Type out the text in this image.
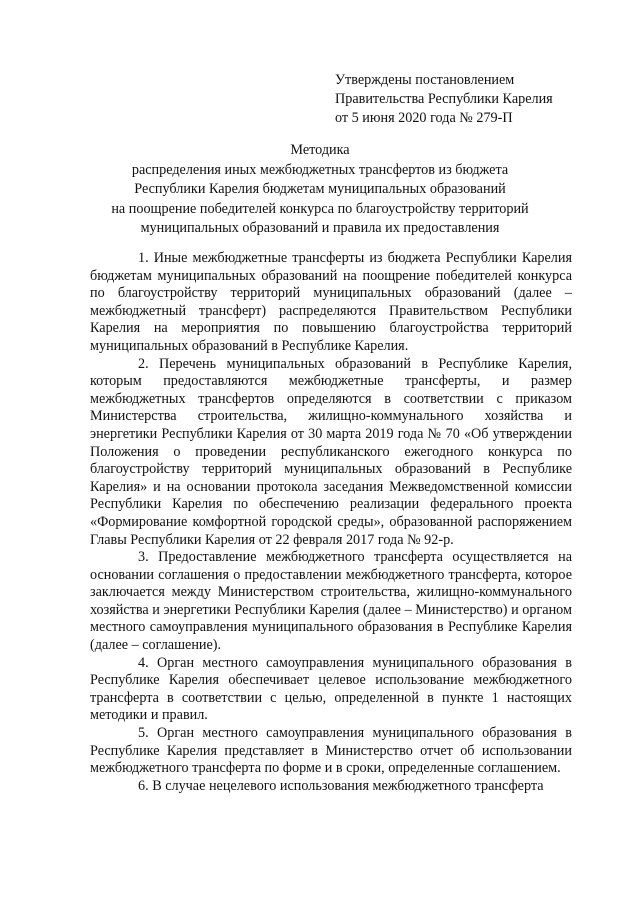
Утверждены постановлением
Правительства Республики Карелия
от 5 июня 2020 года № 279-П
Методика
распределения иных межбюджетных трансфертов из бюджета
Республики Карелия бюджетам муниципальных образований
на поощрение победителей конкурса по благоустройству территорий
муниципальных образований и правила их предоставления

1. Иные межбюджетные трансферты из бюджета Республики Карелия бюджетам муниципальных образований на поощрение победителей конкурса по благоустройству территорий муниципальных образований (далее – межбюджетный трансферт) распределяются Правительством Республики Карелия на мероприятия по повышению благоустройства территорий муниципальных образований в Республике Карелия.

2. Перечень муниципальных образований в Республике Карелия, которым предоставляются межбюджетные трансферты, и размер межбюджетных трансфертов определяются в соответствии с приказом Министерства строительства, жилищно-коммунального хозяйства и энергетики Республики Карелия от 30 марта 2019 года № 70 «Об утверждении Положения о проведении республиканского ежегодного конкурса по благоустройству территорий муниципальных образований в Республике Карелия» и на основании протокола заседания Межведомственной комиссии Республики Карелия по обеспечению реализации федерального проекта «Формирование комфортной городской среды», образованной распоряжением Главы Республики Карелия от 22 февраля 2017 года № 92-р.

3. Предоставление межбюджетного трансферта осуществляется на основании соглашения о предоставлении межбюджетного трансферта, которое заключается между Министерством строительства, жилищно-коммунального хозяйства и энергетики Республики Карелия (далее – Министерство) и органом местного самоуправления муниципального образования в Республике Карелия (далее – соглашение).

4. Орган местного самоуправления муниципального образования в Республике Карелия обеспечивает целевое использование межбюджетного трансферта в соответствии с целью, определенной в пункте 1 настоящих методики и правил.

5. Орган местного самоуправления муниципального образования в Республике Карелия представляет в Министерство отчет об использовании межбюджетного трансферта по форме и в сроки, определенные соглашением.

6. В случае нецелевого использования межбюджетного трансферта
